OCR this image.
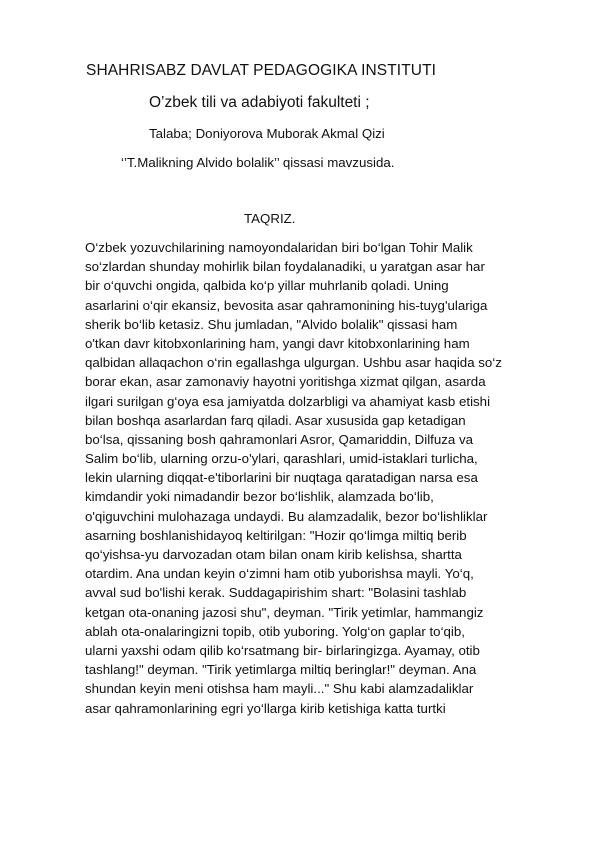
SHAHRISABZ DAVLAT PEDAGOGIKA INSTITUTI
O’zbek tili va adabiyoti fakulteti ;
Talaba; Doniyorova Muborak Akmal Qizi
‘’T.Malikning Alvido bolalik’’ qissasi mavzusida.
TAQRIZ.
O‘zbek yozuvchilarining namoyondalaridan biri bo‘lgan Tohir Malik
so‘zlardan shunday mohirlik bilan foydalanadiki, u yaratgan asar har
bir o‘quvchi ongida, qalbida ko‘p yillar muhrlanib qoladi. Uning
asarlarini o‘qir ekansiz, bevosita asar qahramonining his-tuyg'ulariga
sherik bo‘lib ketasiz. Shu jumladan, "Alvido bolalik" qissasi ham
o'tkan davr kitobxonlarining ham, yangi davr kitobxonlarining ham
qalbidan allaqachon o‘rin egallashga ulgurgan. Ushbu asar haqida so‘z
borar ekan, asar zamonaviy hayotni yoritishga xizmat qilgan, asarda
ilgari surilgan g‘oya esa jamiyatda dolzarbligi va ahamiyat kasb etishi
bilan boshqa asarlardan farq qiladi. Asar xususida gap ketadigan
bo‘lsa, qissaning bosh qahramonlari Asror, Qamariddin, Dilfuza va
Salim bo‘lib, ularning orzu-o'ylari, qarashlari, umid-istaklari turlicha,
lekin ularning diqqat-e'tiborlarini bir nuqtaga qaratadigan narsa esa
kimdandir yoki nimadandir bezor bo‘lishlik, alamzada bo‘lib,
o'qiguvchini mulohazaga undaydi. Bu alamzadalik, bezor bo‘lishliklar
asarning boshlanishidayoq keltirilgan: "Hozir qo‘limga miltiq berib
qo‘yishsa-yu darvozadan otam bilan onam kirib kelishsa, shartta
otardim. Ana undan keyin o‘zimni ham otib yuborishsa mayli. Yo‘q,
avval sud bo'lishi kerak. Suddagapirishim shart: "Bolasini tashlab
ketgan ota-onaning jazosi shu", deyman. "Tirik yetimlar, hammangiz
ablah ota-onalaringizni topib, otib yuboring. Yolg‘on gaplar to‘qib,
ularni yaxshi odam qilib ko‘rsatmang bir- birlaringizga. Ayamay, otib
tashlang!" deyman. "Tirik yetimlarga miltiq beringlar!" deyman. Ana
shundan keyin meni otishsa ham mayli..." Shu kabi alamzadaliklar
asar qahramonlarining egri yo‘llarga kirib ketishiga katta turtki
